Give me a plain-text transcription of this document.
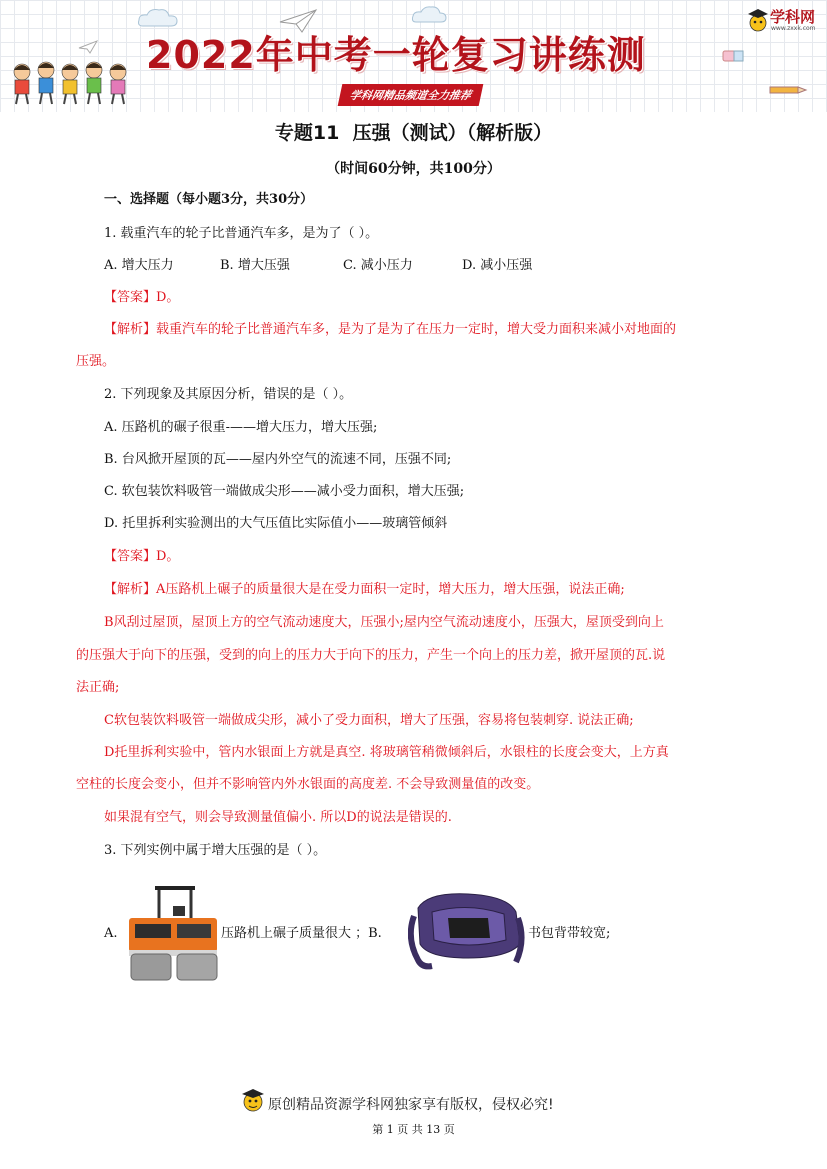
2022年中考一轮复习讲练测
学科网精品频道全力推荐
学科网
www.zxxk.com
专题11  压强（测试）（解析版）
（时间60分钟，共100分）
一、选择题（每小题3分，共30分）
1. 载重汽车的轮子比普通汽车多，是为了（ ）。
A. 增大压力	B. 增大压强	C. 减小压力	D. 减小压强
【答案】D。
【解析】载重汽车的轮子比普通汽车多，是为了是为了在压力一定时，增大受力面积来减小对地面的
压强。
2. 下列现象及其原因分析，错误的是（ ）。
A. 压路机的碾子很重-——增大压力，增大压强;
B. 台风掀开屋顶的瓦——屋内外空气的流速不同，压强不同;
C. 软包装饮料吸管一端做成尖形——减小受力面积，增大压强;
D. 托里拆利实验测出的大气压值比实际值小——玻璃管倾斜
【答案】D。
【解析】A压路机上碾子的质量很大是在受力面积一定时，增大压力，增大压强，说法正确;
B风刮过屋顶，屋顶上方的空气流动速度大，压强小;屋内空气流动速度小，压强大，屋顶受到向上
的压强大于向下的压强，受到的向上的压力大于向下的压力，产生一个向上的压力差，掀开屋顶的瓦.说
法正确;
C软包装饮料吸管一端做成尖形，减小了受力面积，增大了压强，容易将包装刺穿. 说法正确;
D托里拆利实验中，管内水银面上方就是真空. 将玻璃管稍微倾斜后，水银柱的长度会变大，上方真
空柱的长度会变小，但并不影响管内外水银面的高度差. 不会导致测量值的改变。
如果混有空气，则会导致测量值偏小. 所以D的说法是错误的.
3. 下列实例中属于增大压强的是（ ）。
A.	压路机上碾子质量很大 ；B.	书包背带较宽;
原创精品资源学科网独家享有版权，侵权必究!
第 1 页 共 13 页
